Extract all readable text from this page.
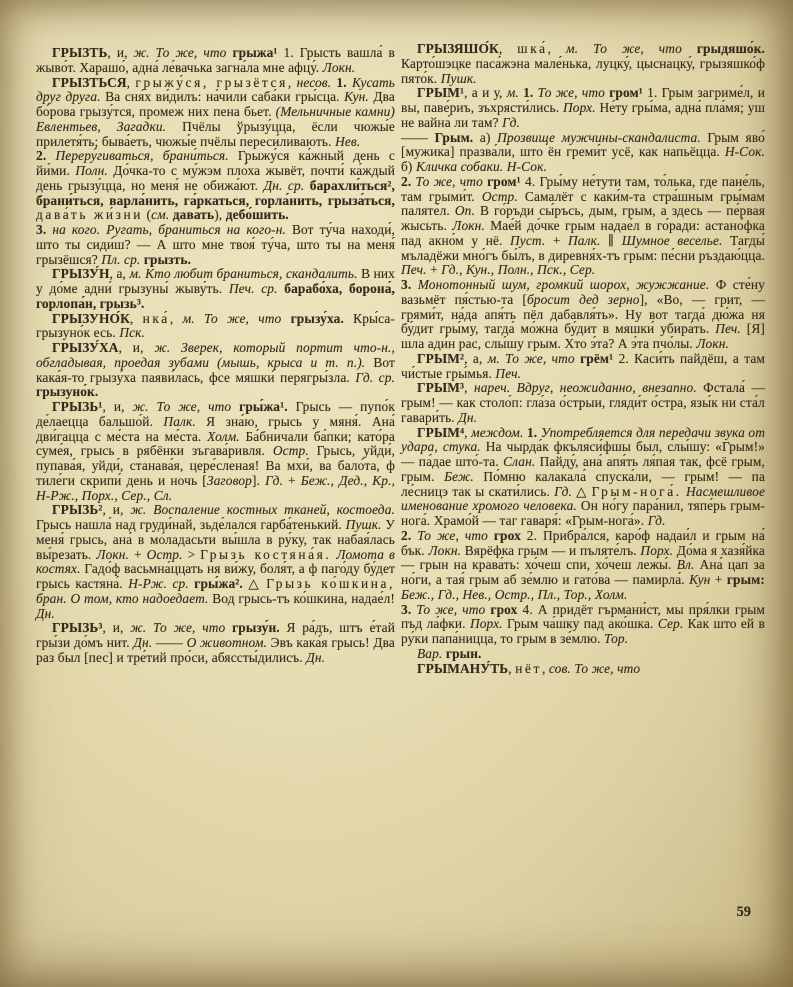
ГРЫЗТЬ, и, ж. То же, что грыжа¹ 1. Грысть вашла́ в жыво́т. Харашо́, адна́ ле́вачька загна́ла мне афцу́. Локн.

ГРЫЗТЬСЯ, грыжу́ся, грызётся, несов. 1. Кусать друг друга. Ва сня́х ви́дилъ: на́чили саба́ки гры́сца. Кун. Два бо́рова грызу́тся, промеж них пена бьет. (Мельничные камни) Евлентьев, Загадки. Пчёлы ўрызу́цца, ёсли чюжы́е прилетя́ть; быва́еть, чюжы́е пчёлы переси́ливають. Нев.

2. Переру́гиваться, брани́ться. Грыжу́ся ка́жный день с йи́ми. Полн. До́чка-то с му́жэм пло́ха жывёт, почти́ ка́ждый день грызу́цца, но меня́ не обижа́ют. Дн. ср. барахли́ться², брани́ться, варла́нить, га́ркаться, горла́нить, грыза́ться, дава́ть жи́зни (см. дава́ть), дебо́шить.

3. на кого. Ругать, браниться на кого-н. Вот ту́ча находи́, што ты сиди́ш? — А што мне твоя́ ту́ча, што ты на меня́ грызёшся? Пл. ср. грызть.

ГРЫЗУ́Н, а, м. Кто любит браниться, скандалить. В них у до́ме адни́ грызуны́ жыву́ть. Печ. ср. барабо́ха, борона́, горлопа́н, грызь³.

ГРЫЗУНО́К, нка́, м. То же, что грызу́ха. Кры́са-грызуно́к есь. Пск.

ГРЫЗУ́ХА, и, ж. Зверек, который портит что-н., обгладывая, проедая зубами (мышь, крыса и т. п.). Вот кака́я-то грызу́ха паяви́лась, фсе мяшки́ перягры́зла. Гд. ср. грызуно́к.

ГРЫЗЬ¹, и, ж. То же, что гры́жа¹. Грысь — пупо́к де́лаецца бальшо́й. Палк. Я зна́ю, грысь у мяня́. Ана́ дви́гацца с ме́ста на ме́ста. Холм. Ба́бничали ба́пки; като́ра суме́я, грысь в рябёнки зъгава́ривля. Остр. Грысь, уйди́, пупава́я, уйди́, станава́я, цере́сленая! Ва мхи́, ва бало́та, ф тиле́ги скрипи́ день и ночь [Заговор]. Гд. + Беж., Дед., Кр., Н-Рж., Порх., Сер., Сл.

ГРЫЗЬ², и, ж. Воспаление костных тканей, костоеда. Грысь нашла́ над груди́най, зьде́лался гарба́тенький. Пушк. У меня́ грысь, ана́ в мо́ладасьти вы́шла в ру́ку, так набая́лась вы́резать. Локн. + Остр. > Грызь костяна́я. Ломота в костях. Гадо́ф васьмна́ццать ня ви́жу, боля́т, а ф паго́ду бу́дет грысь кастяна́. Н-Рж. ср. гры́жа². △ Грызь ко́шкина, бран. О том, кто надоедает. Вод грысь-тъ ко́шкина, надае́л! Дн.

ГРЫЗЬ³, и, ж. То же, что грызу́н. Я ра́дъ, штъ е́тай гры́зи до́мъ нит. Дн. —— О животном. Эвъ кака́я грысь! Два раз был [пес] и тре́тий про́си, абяссты́дилисъ. Дн.

ГРЫЗЯШО́К, шка́, м. То же, что грыдяшо́к. Карто́шэцке паса́жэна мале́нька, луцку́, цыснацку́, грызяшко́ф пято́к. Пушк.

ГРЫМ¹, а и у, м. 1. То же, что гром¹ 1. Грым загриме́л, и вы, паве́риъ, зъхрясти́лись. Порх. Не́ту гры́ма, адна́ пла́мя; уш не вайна́ ли там? Гд.

—— Грым. а) Прозвище мужчины-скандалиста. Грым яво́ [мужика] празва́ли, што ён греми́т усё, как напьёцца. Н-Сок. б) Кличка собаки. Н-Сок.

2. То же, что гром¹ 4. Гры́му не́тути там, то́лька, где пане́ль, там грыми́т. Остр. Самалёт с каки́м-та стра́шным гры́мам паляте́л. Оп. В го́ръди сы́ръсь, дым, грым, а здесь — пе́рвая жысьть. Локн. Мае́й до́чке грым надае́л в го́ради: астано́фка пад акно́м у нё. Пуст. + Палк. ∥ Шумное веселье. Тагды́ мъладёжи мно́гъ бы́лъ, в диревня́х-тъ грым: пе́сни ръздаю́цца. Печ. + Гд., Кун., Полн., Пск., Сер.

3. Монотонный шум, громкий шорох, жужжание. Ф сте́ну вазьмёт пя́стью-та [бросит дед зерно], «Во, — грит, — грями́т, на́да апя́ть пёл дабавля́ть». Ну вот тагда́ дю́жа ня бу́дит гры́му, тагда́ мо́жна бу́дит в мяшки́ убира́ть. Печ. [Я] шла ади́н рас, слы́шу грым. Хто э́та? А э́та пчо́лы. Локн.

ГРЫМ², а, м. То же, что грём¹ 2. Каси́ть пайдёш, а там чи́стые гры́мья. Печ.

ГРЫМ³, нареч. Вдруг, неожиданно, внезапно. Фстала́ — грым! — как столо́п: гла́за о́стрыи, гляди́т о́стра, язы́к ни ста́л гавари́ть. Дн.

ГРЫМ⁴, междом. 1. Употребляется для передачи звука от удара, стука. На чырда́к фкъляси́фшы был, слы́шу: «Грым!» — па́дае што́-та. Слан. Пайду́, ана́ апя́ть ля́пая так, фсё грым, грым. Беж. По́мню калакала́ спуска́ли, — грым! — па ле́сницэ так ы скати́лись. Гд. △ Грым-нога́. Насмешливое именование хромого человека. Он но́гу пара́нил, тяпе́рь грым-нога́. Храмо́й — таг гаваря́: «Грым-нога́». Гд.

2. То же, что грох 2. Прибра́лся, каро́ф надаи́л и грым на́ бък. Локн. Вярёфка грым — и пъляте́лъ. Порх. До́ма я хазя́йка — грын на крава́ть: хо́чеш спи, хо́чеш лежы́. Вл. Ана́ цап за но́ги, а тая́ грым аб зе́млю и гато́ва — памирла́. Кун + грым: Беж., Гд., Нев., Остр., Пл., Тор., Холм.

3. То же, что грох 4. А придёт гърмани́ст, мы пря́лки грым пъд ла́фки. Порх. Грым ча́шку пад ако́шка. Сер. Как што ей в ру́ки папа́ницца, то грым в зе́млю. Тор.

Вар. грын.

ГРЫМАНУ́ТЬ, нёт, сов. То же, что

59
